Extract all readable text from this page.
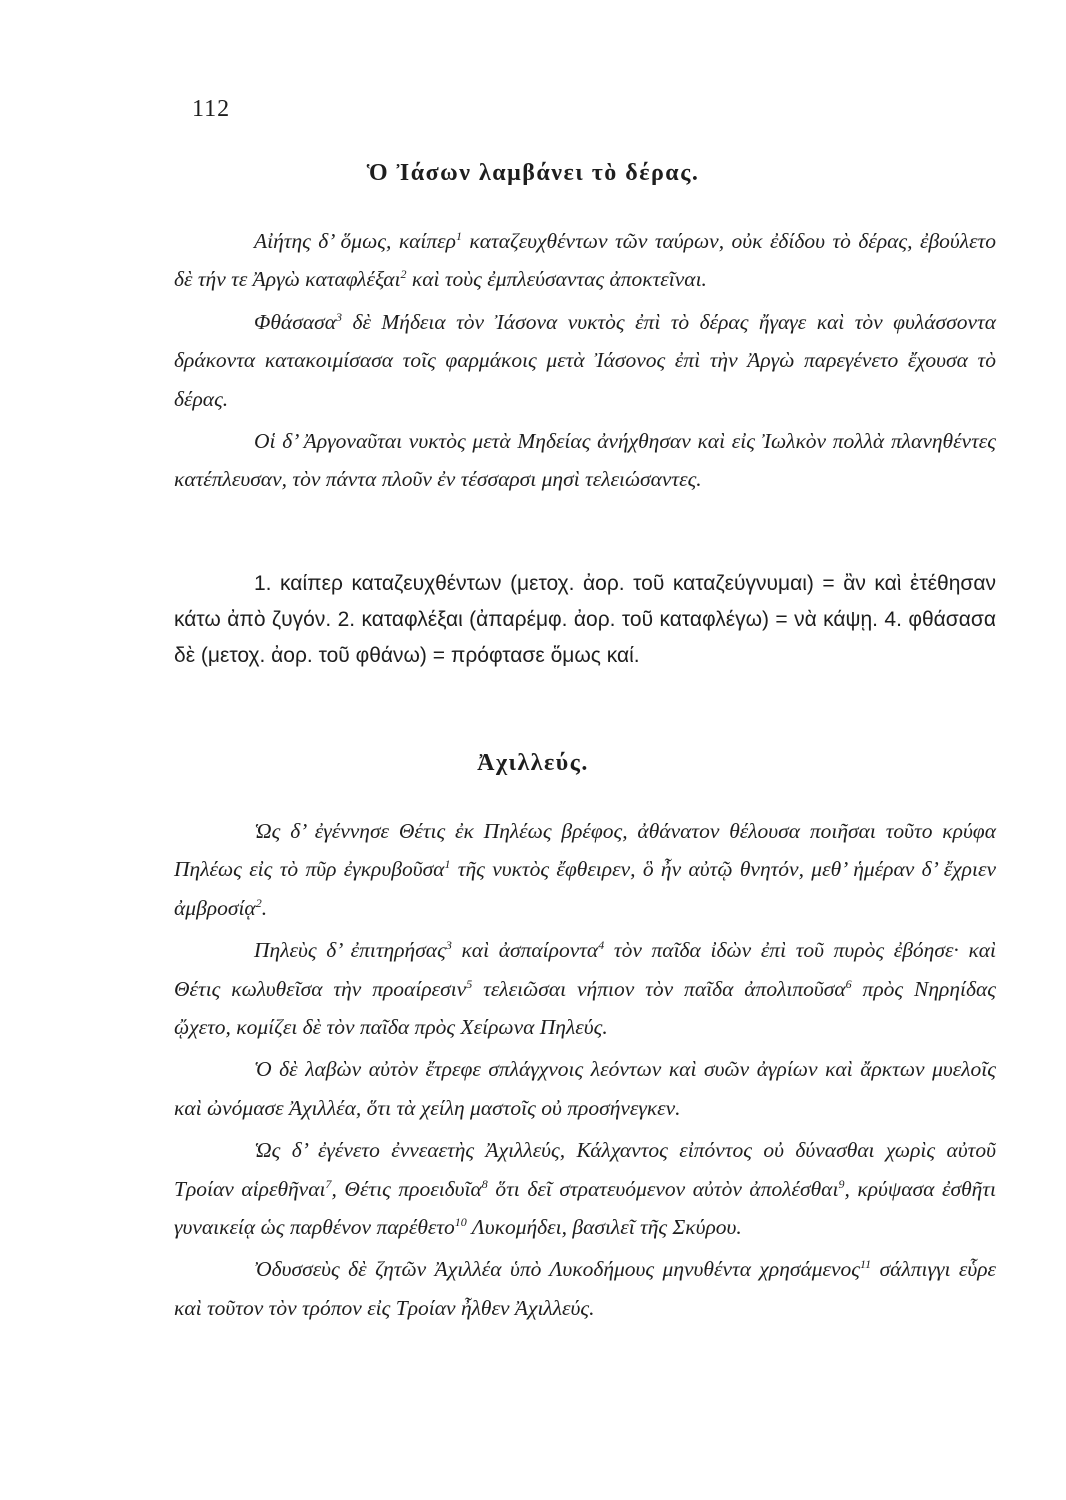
112
Ὁ Ἰάσων λαμβάνει τὸ δέρας.

Αἰήτης δ’ ὅμως, καίπερ$^1$ καταζευχθέντων τῶν ταύρων, οὐκ ἐδίδου τὸ δέρας, ἐβούλετο δὲ τήν τε Ἀργὼ καταφλέξαι$^2$ καὶ τοὺς ἐμπλεύσαντας ἀποκτεῖναι.

Φθάσασα$^3$ δὲ Μήδεια τὸν Ἰάσονα νυκτὸς ἐπὶ τὸ δέρας ἤγαγε καὶ τὸν φυλάσσοντα δράκοντα κατακοιμίσασα τοῖς φαρμάκοις μετὰ Ἰάσονος ἐπὶ τὴν Ἀργὼ παρεγένετο ἔχουσα τὸ δέρας.

Οἱ δ’ Ἀργοναῦται νυκτὸς μετὰ Μηδείας ἀνήχθησαν καὶ εἰς Ἰωλκὸν πολλὰ πλανηθέντες κατέπλευσαν, τὸν πάντα πλοῦν ἐν τέσσαρσι μησὶ τελειώσαντες.

1. καίπερ καταζευχθέντων (μετοχ. ἀορ. τοῦ καταζεύγνυμαι) = ἂν καὶ ἐτέθησαν κάτω ἀπὸ ζυγόν. 2. καταφλέξαι (ἀπαρέμφ. ἀορ. τοῦ καταφλέγω) = νὰ κάψῃ. 4. φθάσασα δὲ (μετοχ. ἀορ. τοῦ φθάνω) = πρόφτασε ὅμως καί.

Ἀχιλλεύς.

Ὡς δ’ ἐγέννησε Θέτις ἐκ Πηλέως βρέφος, ἀθάνατον θέλουσα ποιῆσαι τοῦτο κρύφα Πηλέως εἰς τὸ πῦρ ἐγκρυβοῦσα$^1$ τῆς νυκτὸς ἔφθειρεν, ὃ ἦν αὐτῷ θνητόν, μεθ’ ἡμέραν δ’ ἔχριεν ἀμβροσίᾳ$^2$.

Πηλεὺς δ’ ἐπιτηρήσας$^3$ καὶ ἀσπαίροντα$^4$ τὸν παῖδα ἰδὼν ἐπὶ τοῦ πυρὸς ἐβόησε· καὶ Θέτις κωλυθεῖσα τὴν προαίρεσιν$^5$ τελειῶσαι νήπιον τὸν παῖδα ἀπολιποῦσα$^6$ πρὸς Νηρηίδας ᾤχετο, κομίζει δὲ τὸν παῖδα πρὸς Χείρωνα Πηλεύς.

Ὁ δὲ λαβὼν αὐτὸν ἔτρεφε σπλάγχνοις λεόντων καὶ συῶν ἀγρίων καὶ ἄρκτων μυελοῖς καὶ ὠνόμασε Ἀχιλλέα, ὅτι τὰ χείλη μαστοῖς οὐ προσήνεγκεν.

Ὡς δ’ ἐγένετο ἐννεαετὴς Ἀχιλλεύς, Κάλχαντος εἰπόντος οὐ δύνασθαι χωρὶς αὐτοῦ Τροίαν αἱρεθῆναι$^7$, Θέτις προειδυῖα$^8$ ὅτι δεῖ στρατευόμενον αὐτὸν ἀπολέσθαι$^9$, κρύψασα ἐσθῆτι γυναικείᾳ ὡς παρθένον παρέθετο$^{10}$ Λυκομήδει, βασιλεῖ τῆς Σκύρου.

Ὀδυσσεὺς δὲ ζητῶν Ἀχιλλέα ὑπὸ Λυκοδήμους μηνυθέντα χρησάμενος$^{11}$ σάλπιγγι εὗρε καὶ τοῦτον τὸν τρόπον εἰς Τροίαν ἦλθεν Ἀχιλλεύς.
